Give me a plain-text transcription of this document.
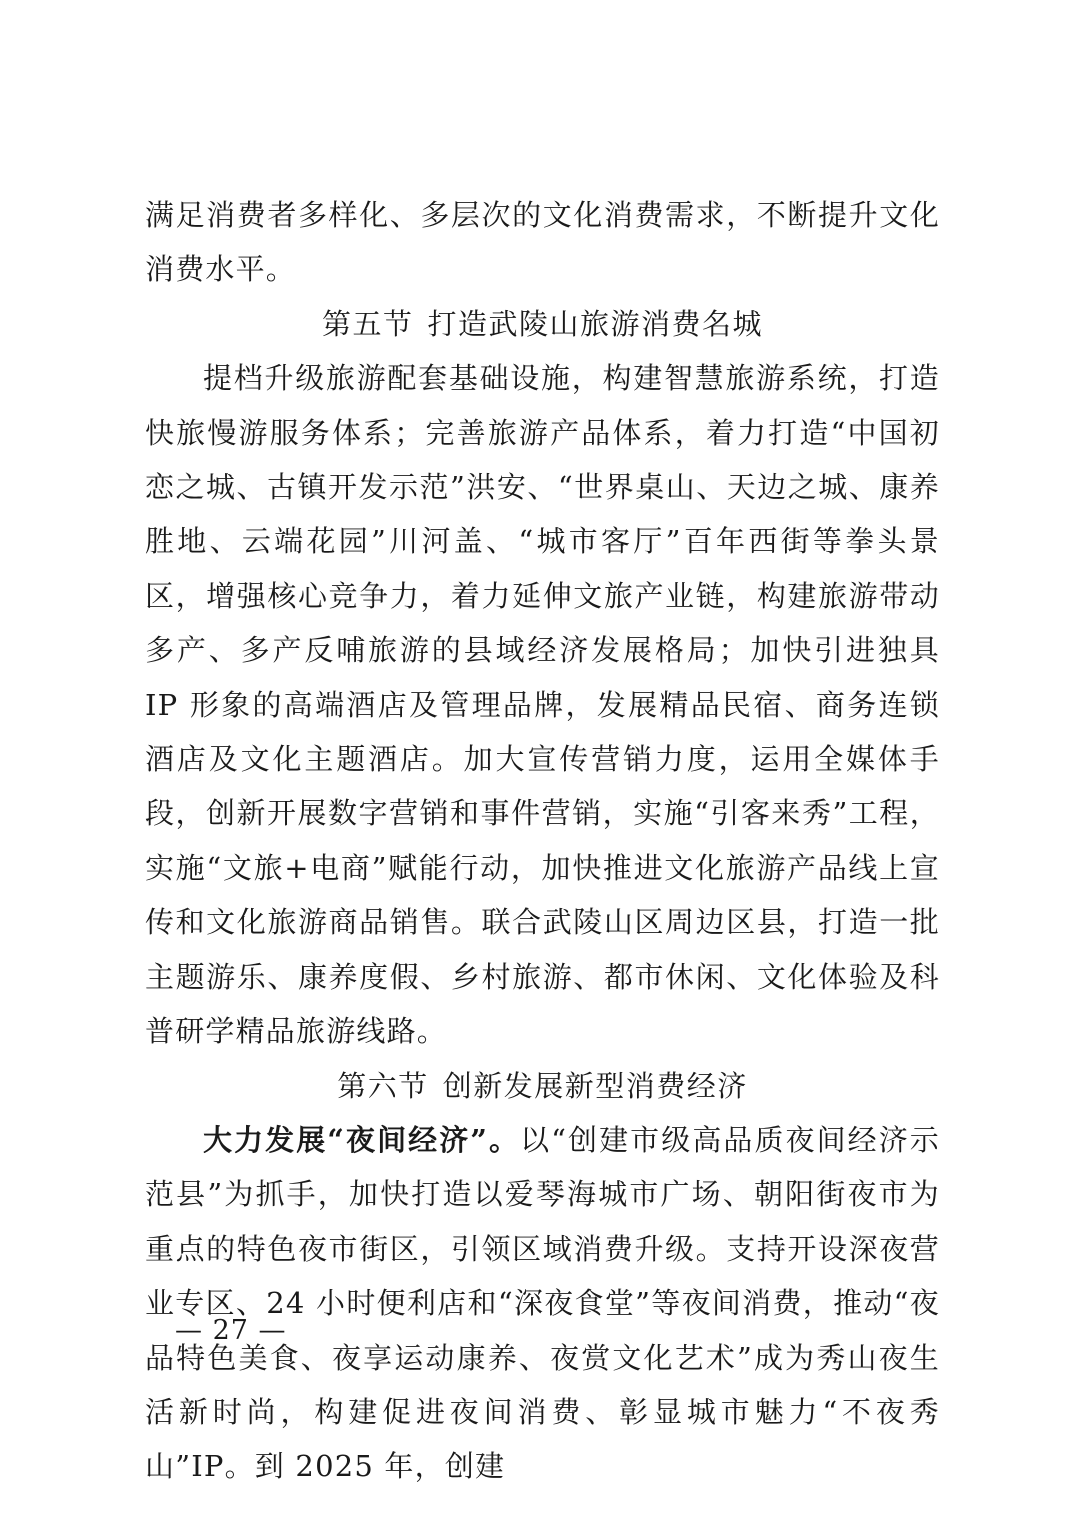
满足消费者多样化、多层次的文化消费需求，不断提升文化消费水平。

第五节 打造武陵山旅游消费名城

提档升级旅游配套基础设施，构建智慧旅游系统，打造快旅慢游服务体系；完善旅游产品体系，着力打造“中国初恋之城、古镇开发示范”洪安、“世界桌山、天边之城、康养胜地、云端花园”川河盖、“城市客厅”百年西街等拳头景区，增强核心竞争力，着力延伸文旅产业链，构建旅游带动多产、多产反哺旅游的县域经济发展格局；加快引进独具 IP 形象的高端酒店及管理品牌，发展精品民宿、商务连锁酒店及文化主题酒店。加大宣传营销力度，运用全媒体手段，创新开展数字营销和事件营销，实施“引客来秀”工程，实施“文旅+电商”赋能行动，加快推进文化旅游产品线上宣传和文化旅游商品销售。联合武陵山区周边区县，打造一批主题游乐、康养度假、乡村旅游、都市休闲、文化体验及科普研学精品旅游线路。

第六节 创新发展新型消费经济

大力发展“夜间经济”。以“创建市级高品质夜间经济示范县”为抓手，加快打造以爱琴海城市广场、朝阳街夜市为重点的特色夜市街区，引领区域消费升级。支持开设深夜营业专区、24 小时便利店和“深夜食堂”等夜间消费，推动“夜品特色美食、夜享运动康养、夜赏文化艺术”成为秀山夜生活新时尚，构建促进夜间消费、彰显城市魅力“不夜秀山”IP。到 2025 年，创建

— 27 —
